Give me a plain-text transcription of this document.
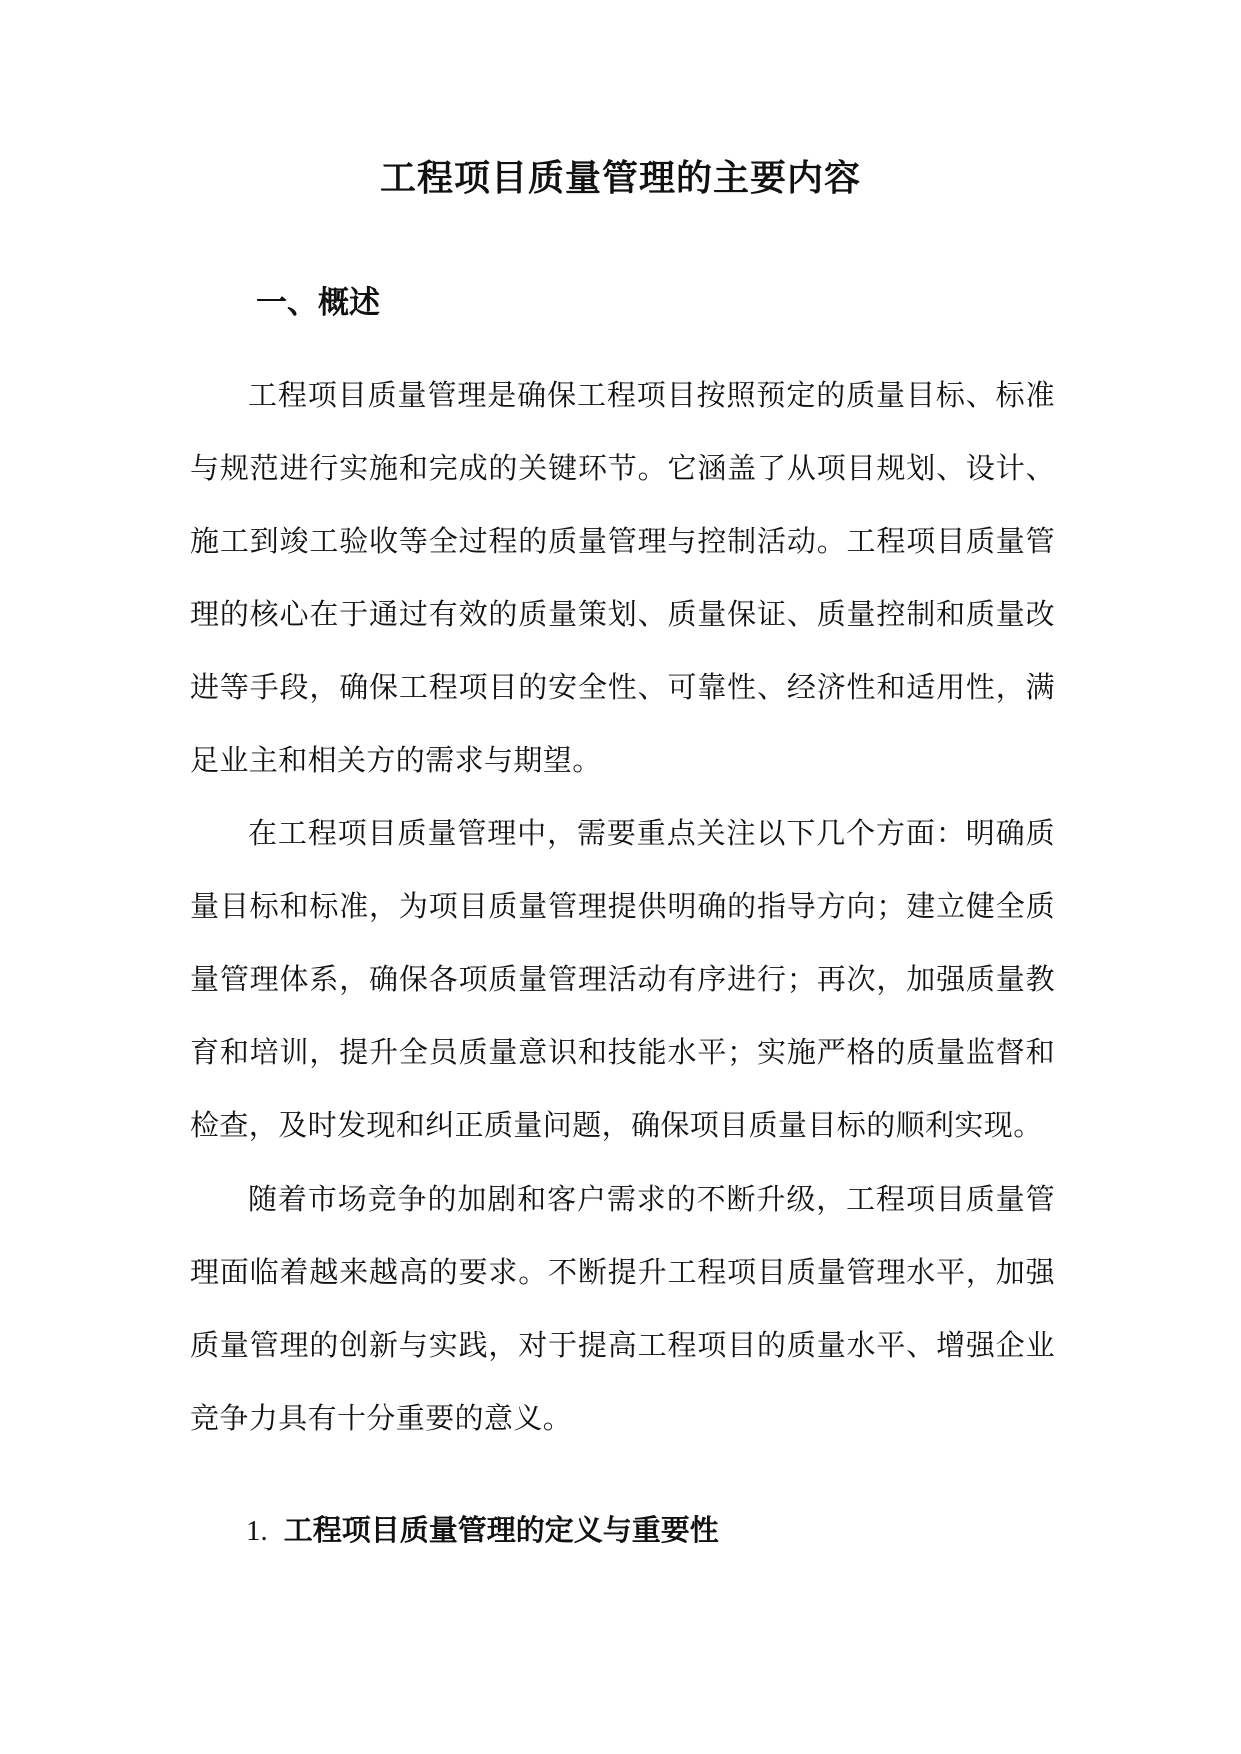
工程项目质量管理的主要内容
一、概述

工程项目质量管理是确保工程项目按照预定的质量目标、标准与规范进行实施和完成的关键环节。它涵盖了从项目规划、设计、施工到竣工验收等全过程的质量管理与控制活动。工程项目质量管理的核心在于通过有效的质量策划、质量保证、质量控制和质量改进等手段，确保工程项目的安全性、可靠性、经济性和适用性，满足业主和相关方的需求与期望。

在工程项目质量管理中，需要重点关注以下几个方面：明确质量目标和标准，为项目质量管理提供明确的指导方向；建立健全质量管理体系，确保各项质量管理活动有序进行；再次，加强质量教育和培训，提升全员质量意识和技能水平；实施严格的质量监督和检查，及时发现和纠正质量问题，确保项目质量目标的顺利实现。

随着市场竞争的加剧和客户需求的不断升级，工程项目质量管理面临着越来越高的要求。不断提升工程项目质量管理水平，加强质量管理的创新与实践，对于提高工程项目的质量水平、增强企业竞争力具有十分重要的意义。

1. 工程项目质量管理的定义与重要性
